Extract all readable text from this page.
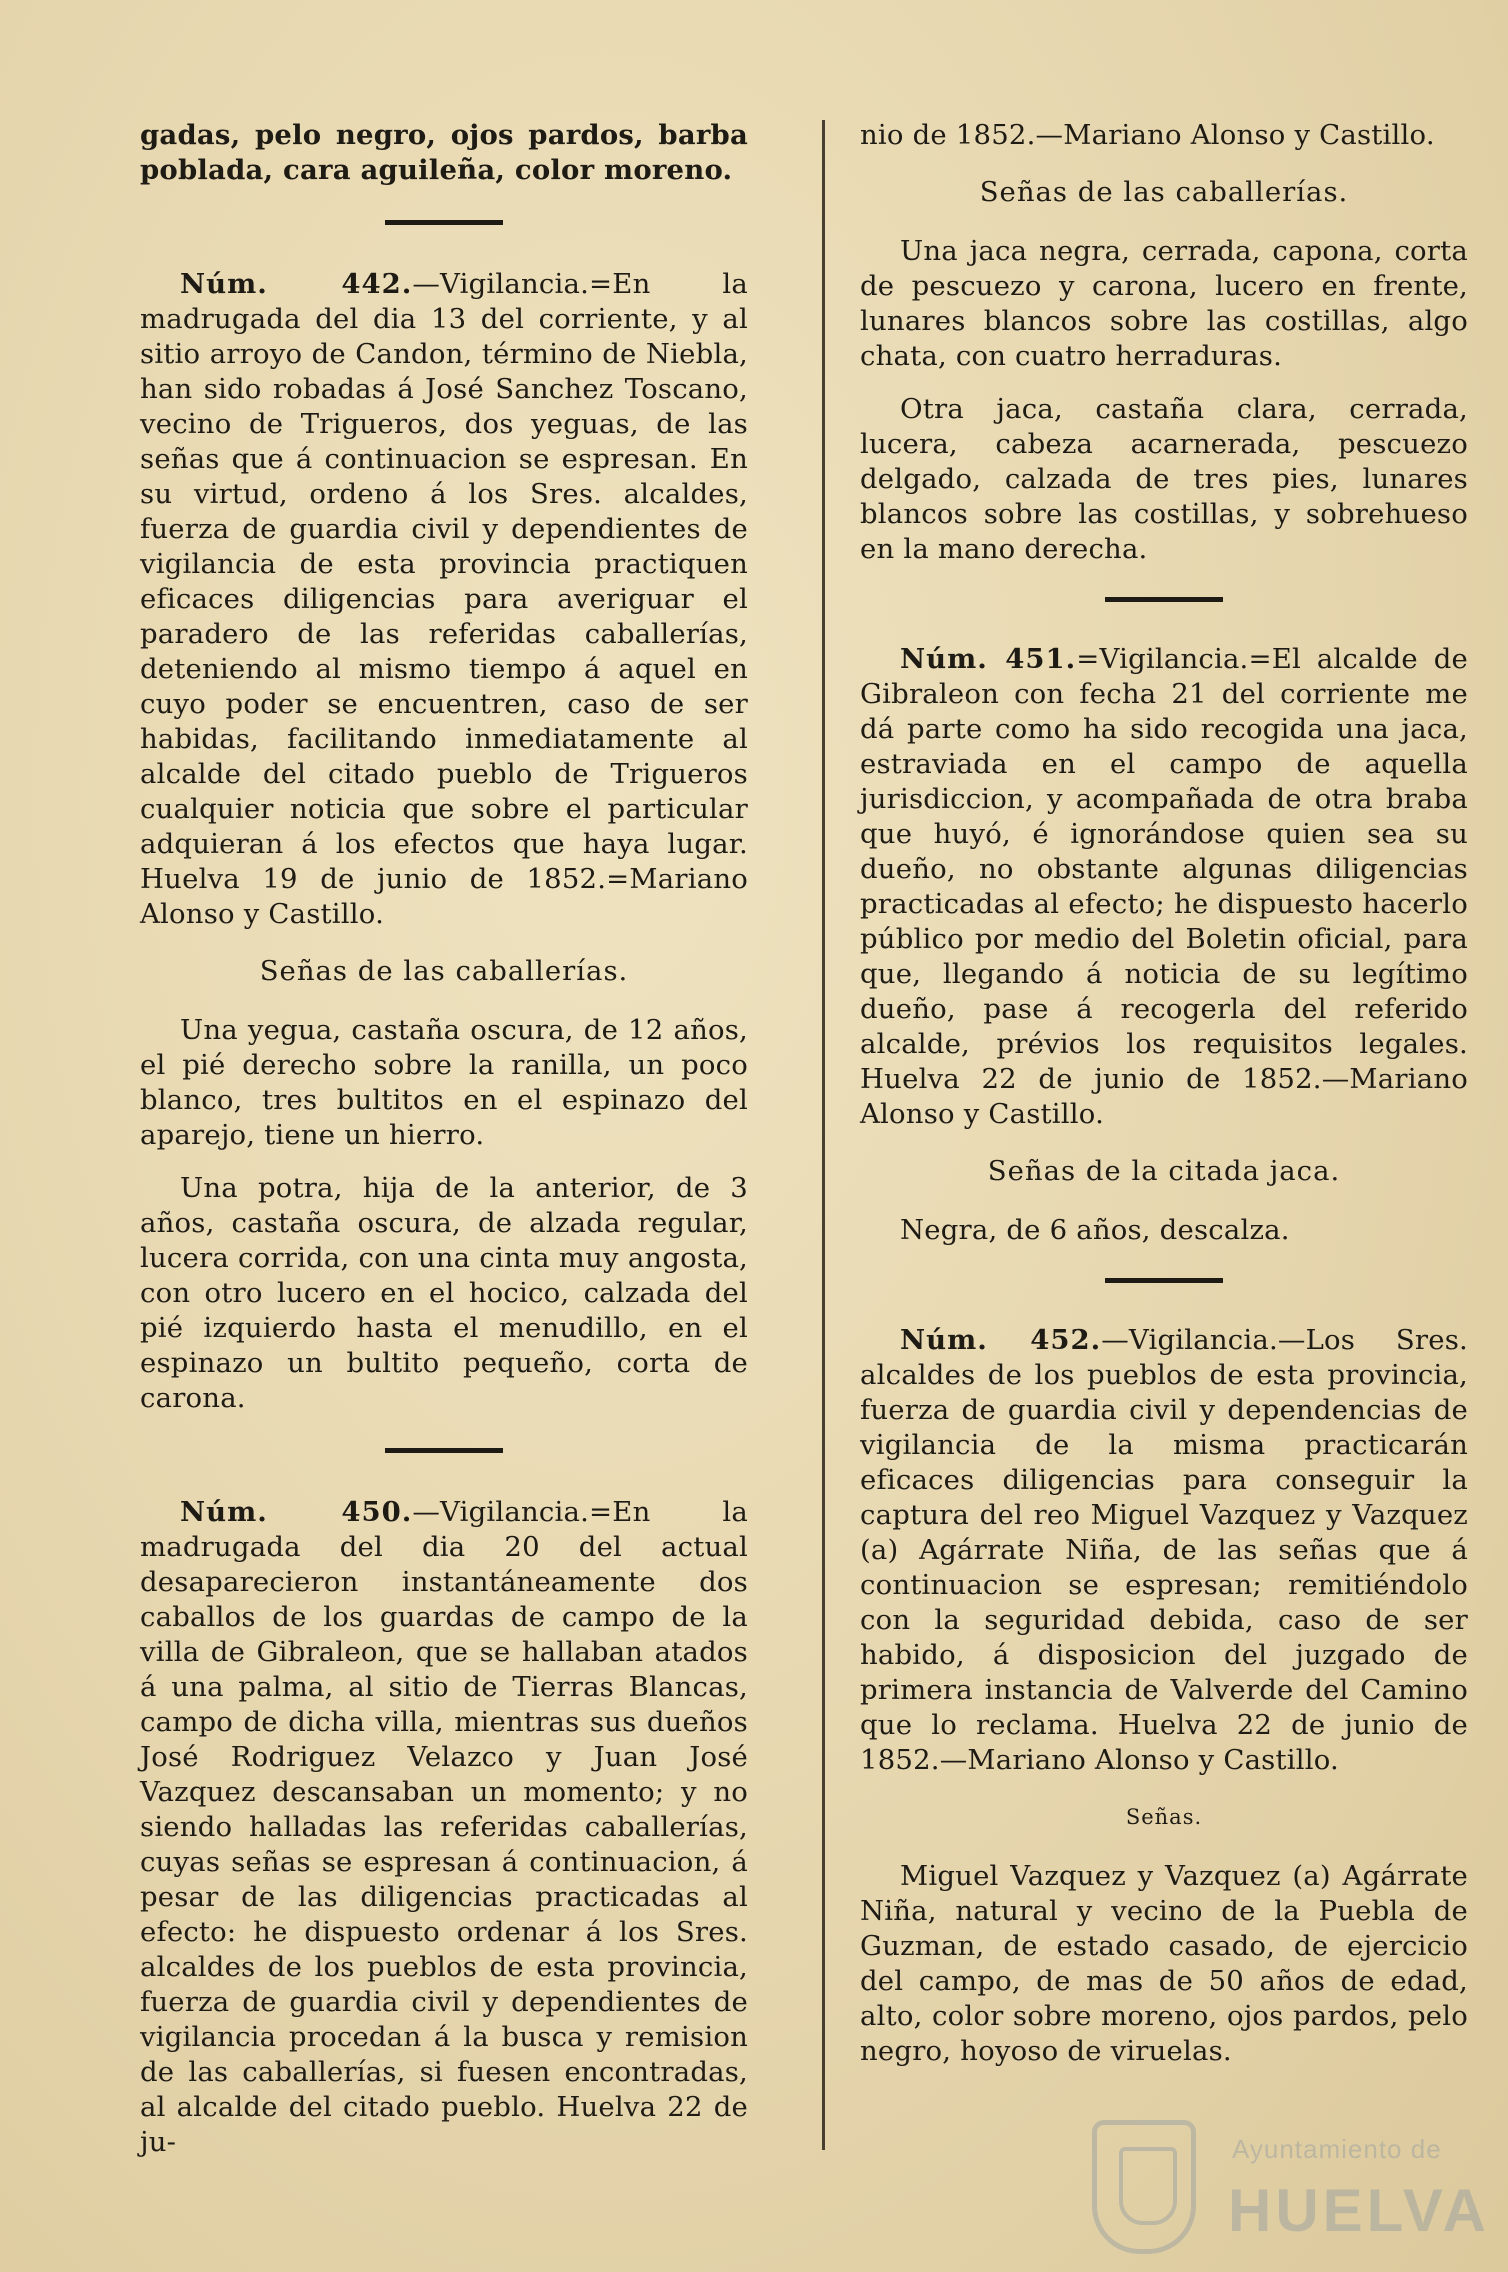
gadas, pelo negro, ojos pardos, barba poblada, cara aguileña, color moreno.

Núm. 442.—Vigilancia.=En la madrugada del dia 13 del corriente, y al sitio arroyo de Candon, término de Niebla, han sido robadas á José Sanchez Toscano, vecino de Trigueros, dos yeguas, de las señas que á continuacion se espresan. En su virtud, ordeno á los Sres. alcaldes, fuerza de guardia civil y dependientes de vigilancia de esta provincia practiquen eficaces diligencias para averiguar el paradero de las referidas caballerías, deteniendo al mismo tiempo á aquel en cuyo poder se encuentren, caso de ser habidas, facilitando inmediatamente al alcalde del citado pueblo de Trigueros cualquier noticia que sobre el particular adquieran á los efectos que haya lugar. Huelva 19 de junio de 1852.=Mariano Alonso y Castillo.

Señas de las caballerías.

Una yegua, castaña oscura, de 12 años, el pié derecho sobre la ranilla, un poco blanco, tres bultitos en el espinazo del aparejo, tiene un hierro.

Una potra, hija de la anterior, de 3 años, castaña oscura, de alzada regular, lucera corrida, con una cinta muy angosta, con otro lucero en el hocico, calzada del pié izquierdo hasta el menudillo, en el espinazo un bultito pequeño, corta de carona.

Núm. 450.—Vigilancia.=En la madrugada del dia 20 del actual desaparecieron instantáneamente dos caballos de los guardas de campo de la villa de Gibraleon, que se hallaban atados á una palma, al sitio de Tierras Blancas, campo de dicha villa, mientras sus dueños José Rodriguez Velazco y Juan José Vazquez descansaban un momento; y no siendo halladas las referidas caballerías, cuyas señas se espresan á continuacion, á pesar de las diligencias practicadas al efecto: he dispuesto ordenar á los Sres. alcaldes de los pueblos de esta provincia, fuerza de guardia civil y dependientes de vigilancia procedan á la busca y remision de las caballerías, si fuesen encontradas, al alcalde del citado pueblo. Huelva 22 de ju-

nio de 1852.—Mariano Alonso y Castillo.

Señas de las caballerías.

Una jaca negra, cerrada, capona, corta de pescuezo y carona, lucero en frente, lunares blancos sobre las costillas, algo chata, con cuatro herraduras.

Otra jaca, castaña clara, cerrada, lucera, cabeza acarnerada, pescuezo delgado, calzada de tres pies, lunares blancos sobre las costillas, y sobrehueso en la mano derecha.

Núm. 451.=Vigilancia.=El alcalde de Gibraleon con fecha 21 del corriente me dá parte como ha sido recogida una jaca, estraviada en el campo de aquella jurisdiccion, y acompañada de otra braba que huyó, é ignorándose quien sea su dueño, no obstante algunas diligencias practicadas al efecto; he dispuesto hacerlo público por medio del Boletin oficial, para que, llegando á noticia de su legítimo dueño, pase á recogerla del referido alcalde, prévios los requisitos legales. Huelva 22 de junio de 1852.—Mariano Alonso y Castillo.

Señas de la citada jaca.

Negra, de 6 años, descalza.

Núm. 452.—Vigilancia.—Los Sres. alcaldes de los pueblos de esta provincia, fuerza de guardia civil y dependencias de vigilancia de la misma practicarán eficaces diligencias para conseguir la captura del reo Miguel Vazquez y Vazquez (a) Agárrate Niña, de las señas que á continuacion se espresan; remitiéndolo con la seguridad debida, caso de ser habido, á disposicion del juzgado de primera instancia de Valverde del Camino que lo reclama. Huelva 22 de junio de 1852.—Mariano Alonso y Castillo.

Señas.

Miguel Vazquez y Vazquez (a) Agárrate Niña, natural y vecino de la Puebla de Guzman, de estado casado, de ejercicio del campo, de mas de 50 años de edad, alto, color sobre moreno, ojos pardos, pelo negro, hoyoso de viruelas.

Ayuntamiento de
HUELVA
